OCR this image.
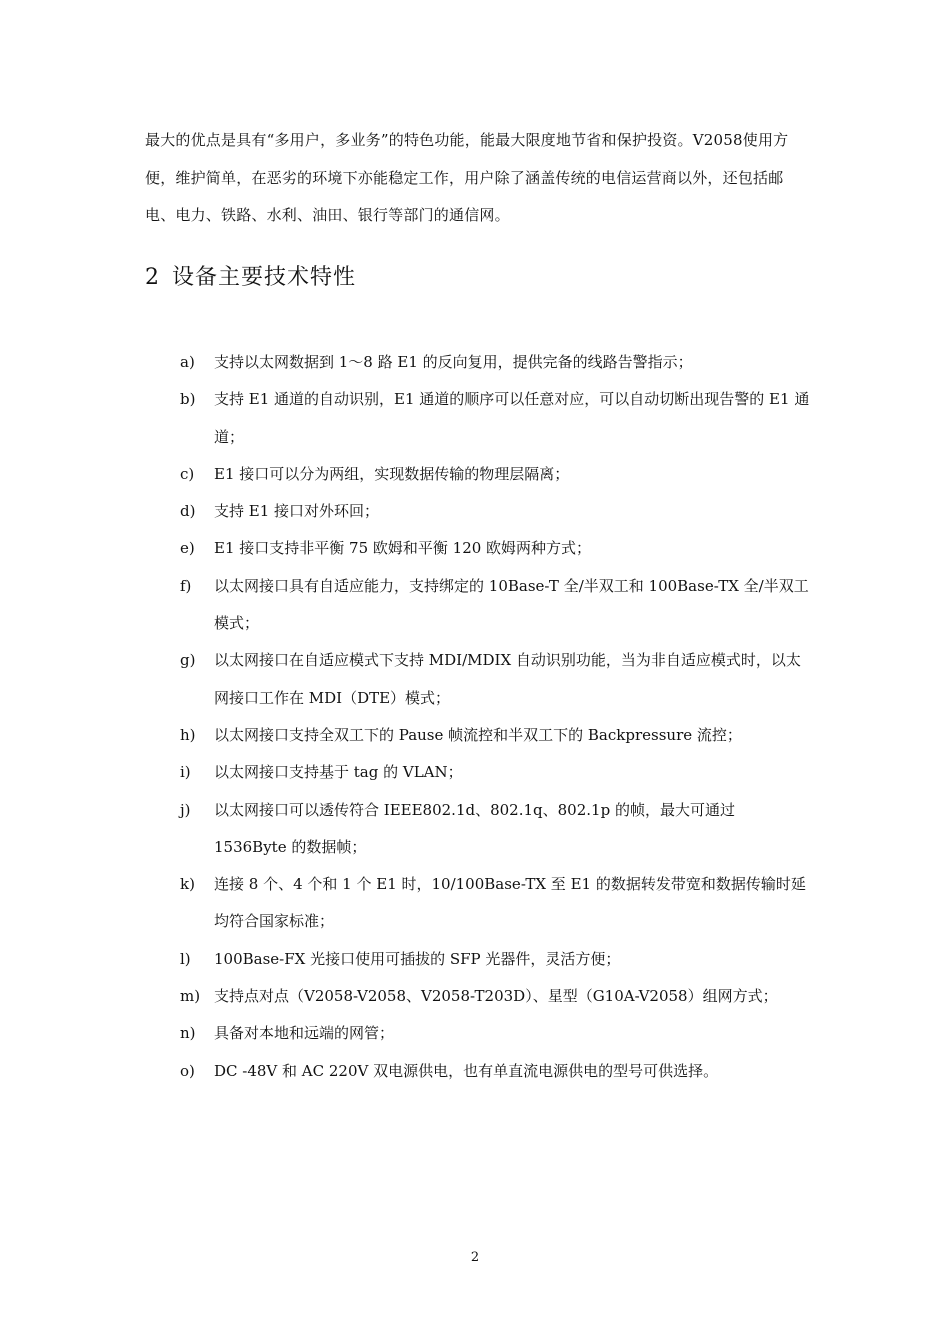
最大的优点是具有“多用户，多业务”的特色功能，能最大限度地节省和保护投资。V2058使用方便，维护简单，在恶劣的环境下亦能稳定工作，用户除了涵盖传统的电信运营商以外，还包括邮电、电力、铁路、水利、油田、银行等部门的通信网。

2 设备主要技术特性
a)	支持以太网数据到 1～8 路 E1 的反向复用，提供完备的线路告警指示；
b)	支持 E1 通道的自动识别，E1 通道的顺序可以任意对应，可以自动切断出现告警的 E1 通道；
c)	E1 接口可以分为两组，实现数据传输的物理层隔离；
d)	支持 E1 接口对外环回；
e)	E1 接口支持非平衡 75 欧姆和平衡 120 欧姆两种方式；
f)	以太网接口具有自适应能力，支持绑定的 10Base-T 全/半双工和 100Base-TX 全/半双工模式；
g)	以太网接口在自适应模式下支持 MDI/MDIX 自动识别功能，当为非自适应模式时，以太网接口工作在 MDI（DTE）模式；
h)	以太网接口支持全双工下的 Pause 帧流控和半双工下的 Backpressure 流控；
i)	以太网接口支持基于 tag 的 VLAN；
j)	以太网接口可以透传符合 IEEE802.1d、802.1q、802.1p 的帧，最大可通过 1536Byte 的数据帧；
k)	连接 8 个、4 个和 1 个 E1 时，10/100Base-TX 至 E1 的数据转发带宽和数据传输时延均符合国家标准；
l)	100Base-FX 光接口使用可插拔的 SFP 光器件，灵活方便；
m) 支持点对点（V2058-V2058、V2058-T203D）、星型（G10A-V2058）组网方式；
n)	具备对本地和远端的网管；
o)	DC -48V 和 AC 220V 双电源供电，也有单直流电源供电的型号可供选择。
2
